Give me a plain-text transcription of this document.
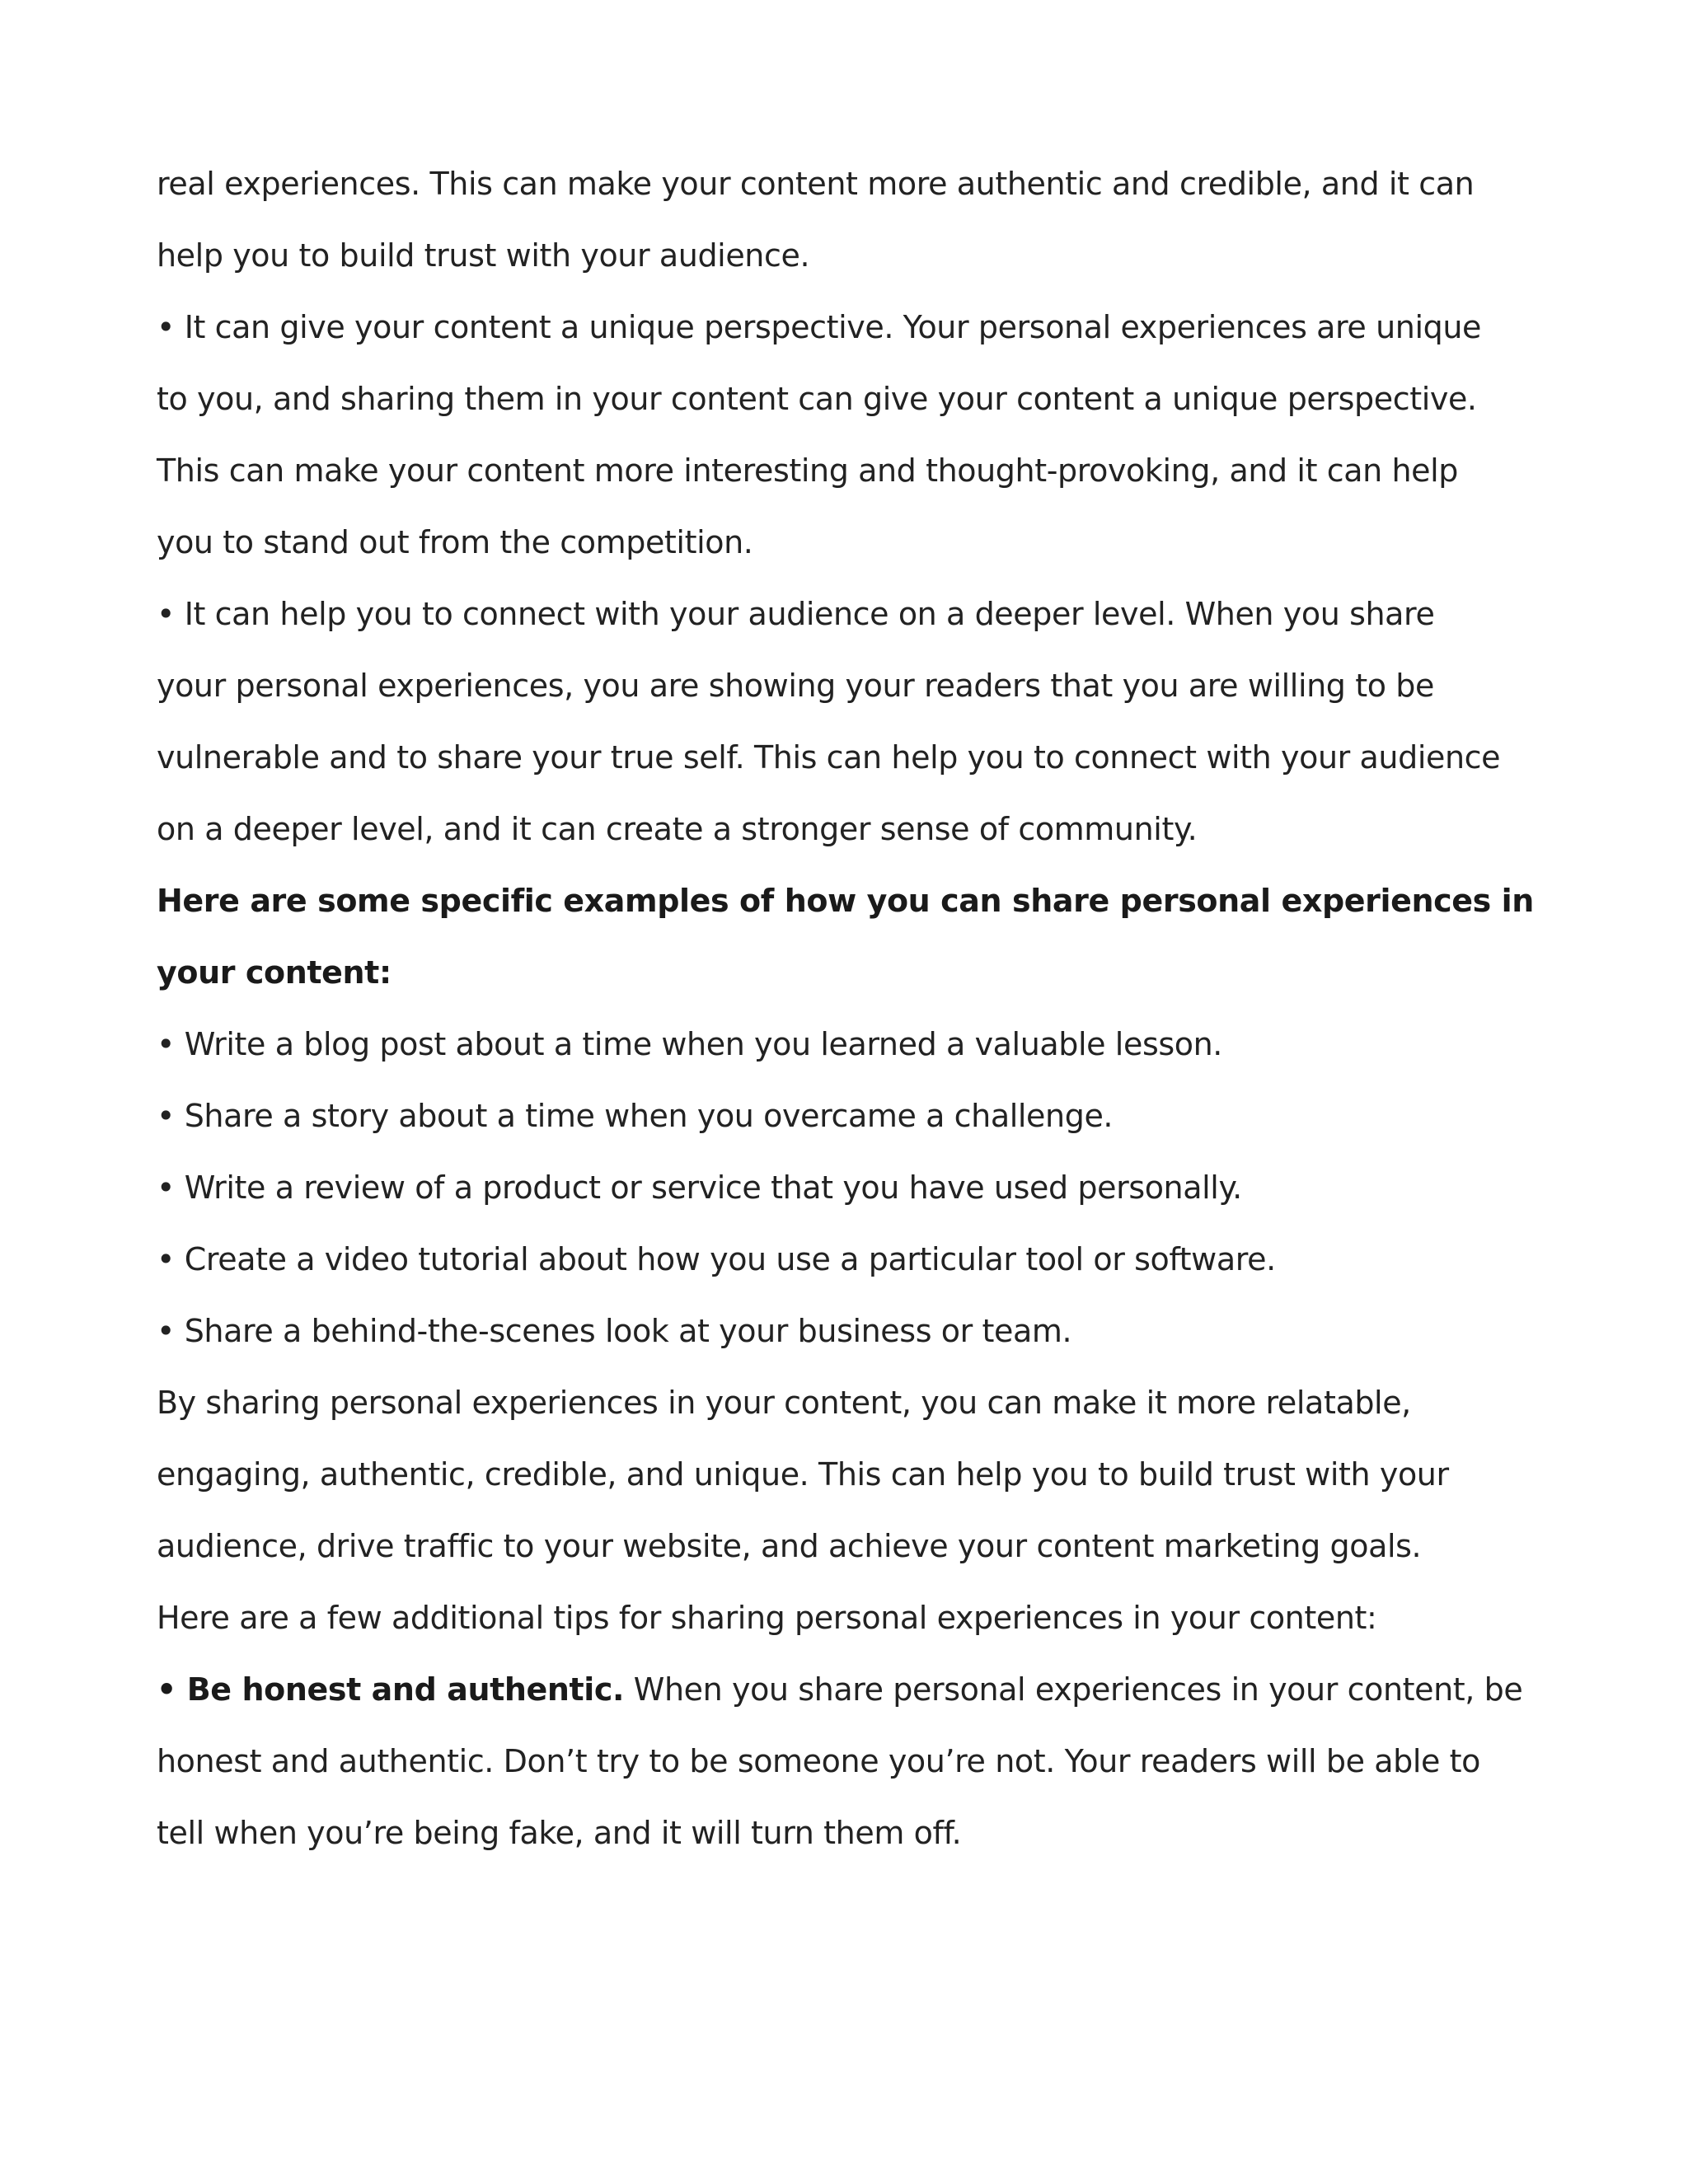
real experiences. This can make your content more authentic and credible, and it can
help you to build trust with your audience.
• It can give your content a unique perspective. Your personal experiences are unique
to you, and sharing them in your content can give your content a unique perspective.
This can make your content more interesting and thought-provoking, and it can help
you to stand out from the competition.
• It can help you to connect with your audience on a deeper level. When you share
your personal experiences, you are showing your readers that you are willing to be
vulnerable and to share your true self. This can help you to connect with your audience
on a deeper level, and it can create a stronger sense of community.
Here are some specific examples of how you can share personal experiences in
your content:
• Write a blog post about a time when you learned a valuable lesson.
• Share a story about a time when you overcame a challenge.
• Write a review of a product or service that you have used personally.
• Create a video tutorial about how you use a particular tool or software.
• Share a behind-the-scenes look at your business or team.
By sharing personal experiences in your content, you can make it more relatable,
engaging, authentic, credible, and unique. This can help you to build trust with your
audience, drive traffic to your website, and achieve your content marketing goals.
Here are a few additional tips for sharing personal experiences in your content:
• Be honest and authentic. When you share personal experiences in your content, be
honest and authentic. Don’t try to be someone you’re not. Your readers will be able to
tell when you’re being fake, and it will turn them off.
